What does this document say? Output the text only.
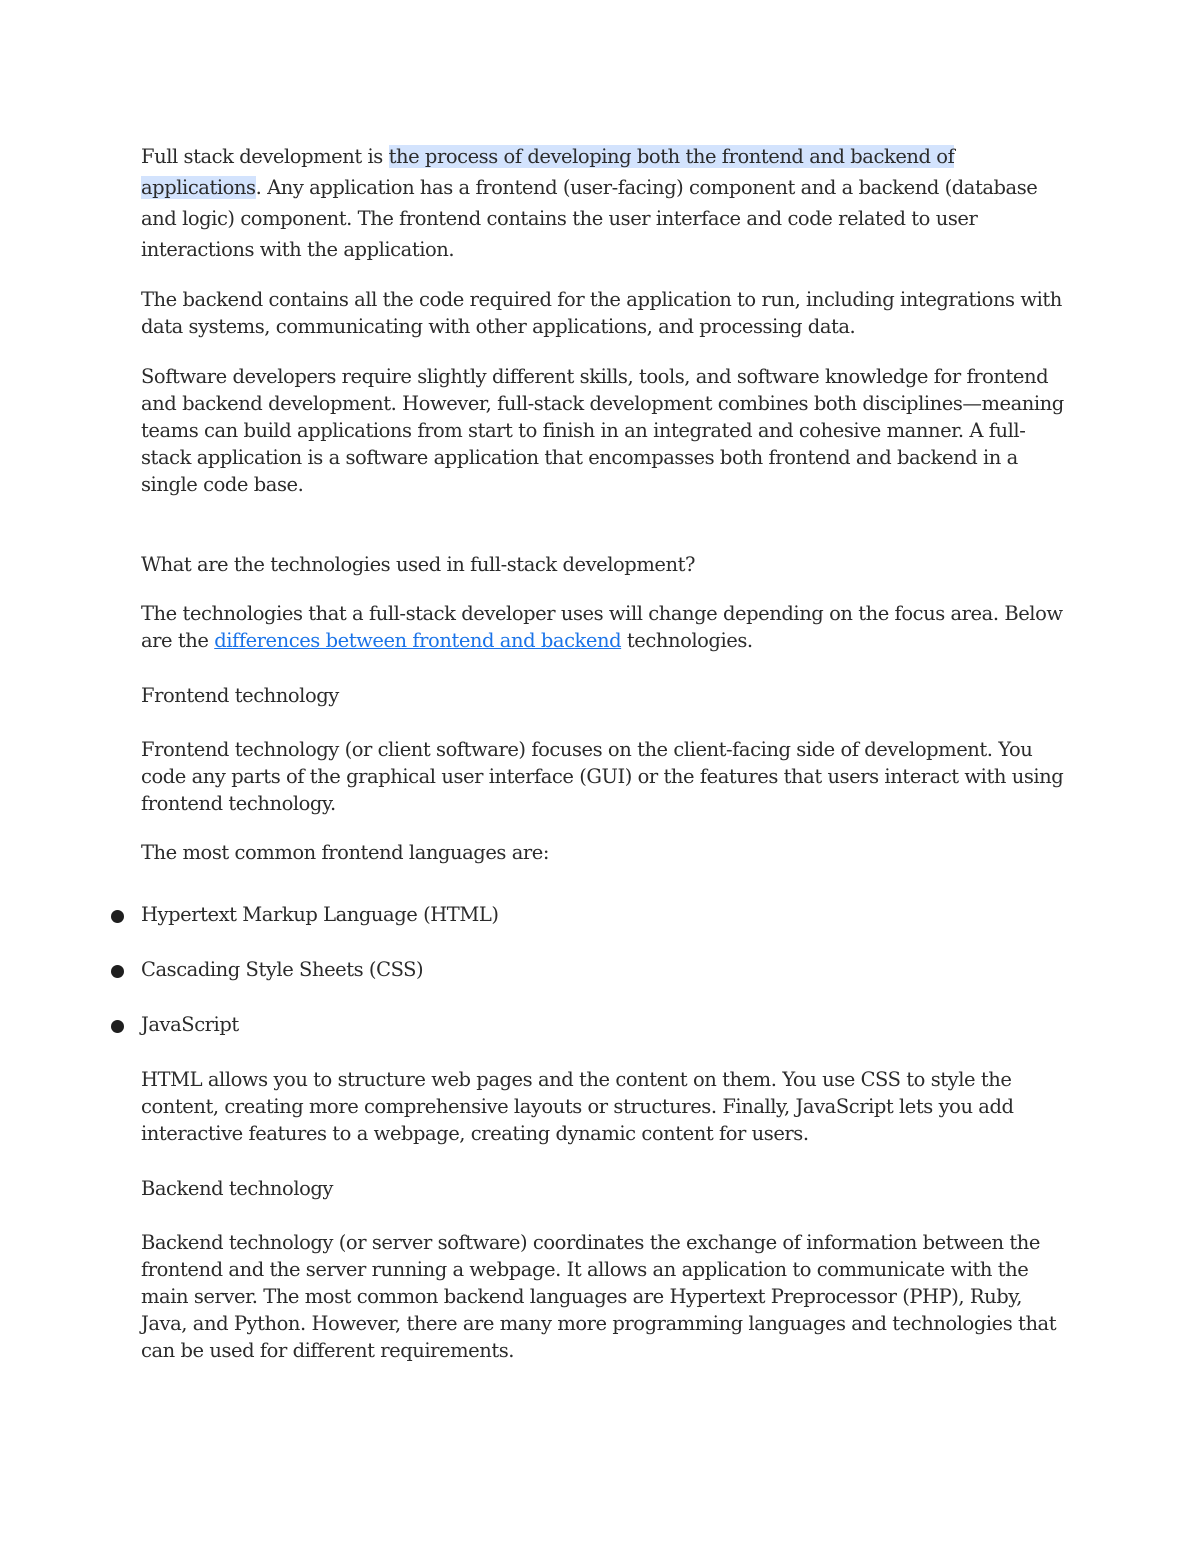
Full stack development is the process of developing both the frontend and backend of applications. Any application has a frontend (user-facing) component and a backend (database and logic) component. The frontend contains the user interface and code related to user interactions with the application.

The backend contains all the code required for the application to run, including integrations with data systems, communicating with other applications, and processing data.

Software developers require slightly different skills, tools, and software knowledge for frontend and backend development. However, full-stack development combines both disciplines—meaning teams can build applications from start to finish in an integrated and cohesive manner. A full-stack application is a software application that encompasses both frontend and backend in a single code base.

What are the technologies used in full-stack development?

The technologies that a full-stack developer uses will change depending on the focus area. Below are the differences between frontend and backend technologies.

Frontend technology

Frontend technology (or client software) focuses on the client-facing side of development. You code any parts of the graphical user interface (GUI) or the features that users interact with using frontend technology.

The most common frontend languages are:

Hypertext Markup Language (HTML)

Cascading Style Sheets (CSS)

JavaScript

HTML allows you to structure web pages and the content on them. You use CSS to style the content, creating more comprehensive layouts or structures. Finally, JavaScript lets you add interactive features to a webpage, creating dynamic content for users.

Backend technology

Backend technology (or server software) coordinates the exchange of information between the frontend and the server running a webpage. It allows an application to communicate with the main server. The most common backend languages are Hypertext Preprocessor (PHP), Ruby, Java, and Python. However, there are many more programming languages and technologies that can be used for different requirements.
